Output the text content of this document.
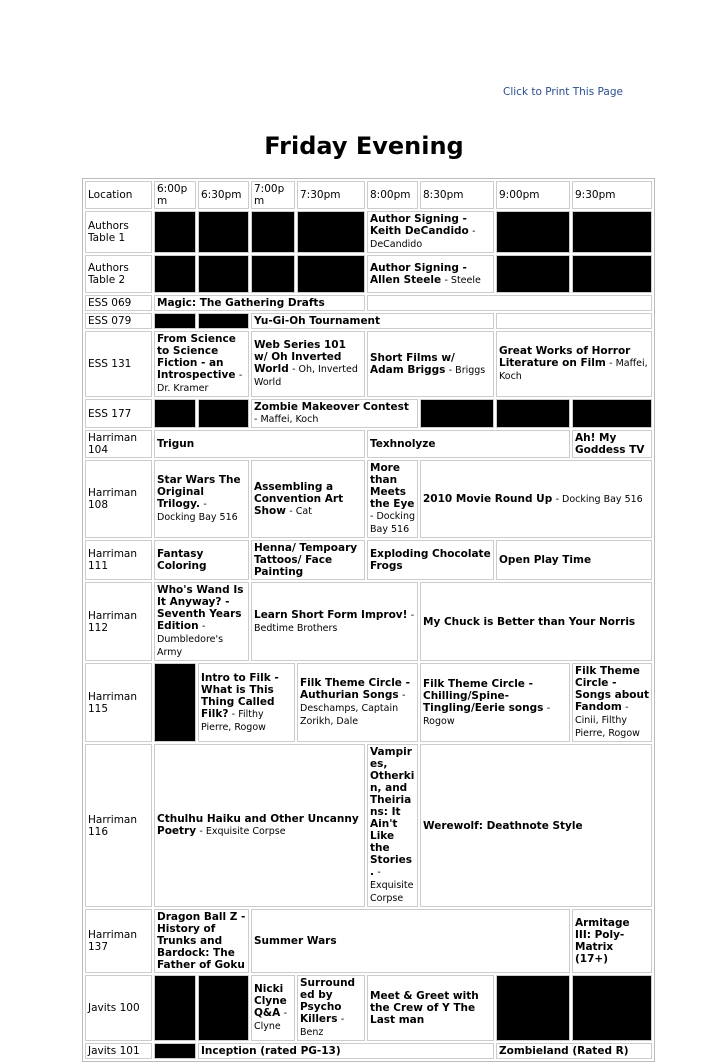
Click to Print This Page
Friday Evening
Location	6:00pm	6:30pm	7:00pm	7:30pm	8:00pm	8:30pm	9:00pm	9:30pm
Authors Table 1					Author Signing - Keith DeCandido - DeCandido			
Authors Table 2					Author Signing - Allen Steele - Steele			
ESS 069	Magic: The Gathering Drafts							
ESS 079			Yu-Gi-Oh Tournament					
ESS 131	From Science to Science Fiction - an Introspective - Dr. Kramer		Web Series 101 w/ Oh Inverted World - Oh, Inverted World		Short Films w/ Adam Briggs - Briggs		Great Works of Horror Literature on Film - Maffei, Koch	
ESS 177			Zombie Makeover Contest - Maffei, Koch					
Harriman 104	Trigun				Texhnolyze			Ah! My Goddess TV
Harriman 108	Star Wars The Original Trilogy. - Docking Bay 516		Assembling a Convention Art Show - Cat		More than Meets the Eye - Docking Bay 516	2010 Movie Round Up - Docking Bay 516		
Harriman 111	Fantasy Coloring		Henna/ Tempoary Tattoos/ Face Painting		Exploding Chocolate Frogs		Open Play Time	
Harriman 112	Who's Wand Is It Anyway? - Seventh Years Edition - Dumbledore's Army		Learn Short Form Improv! - Bedtime Brothers			My Chuck is Better than Your Norris		
Harriman 115		Intro to Filk - What is This Thing Called Filk? - Filthy Pierre, Rogow		Filk Theme Circle - Authurian Songs - Deschamps, Captain Zorikh, Dale		Filk Theme Circle - Chilling/Spine-Tingling/Eerie songs - Rogow		Filk Theme Circle - Songs about Fandom - Cinii, Filthy Pierre, Rogow
Harriman 116	Cthulhu Haiku and Other Uncanny Poetry - Exquisite Corpse				Vampires, Otherkin, and Theirians: It Ain't Like the Stories. - Exquisite Corpse	Werewolf: Deathnote Style		
Harriman 137	Dragon Ball Z - History of Trunks and Bardock: The Father of Goku		Summer Wars					Armitage III: Poly-Matrix (17+)
Javits 100			Nicki Clyne Q&A - Clyne	Surrounded by Psycho Killers - Benz	Meet & Greet with the Crew of Y The Last man			
Javits 101		Inception (rated PG-13)					Zombieland (Rated R)	
